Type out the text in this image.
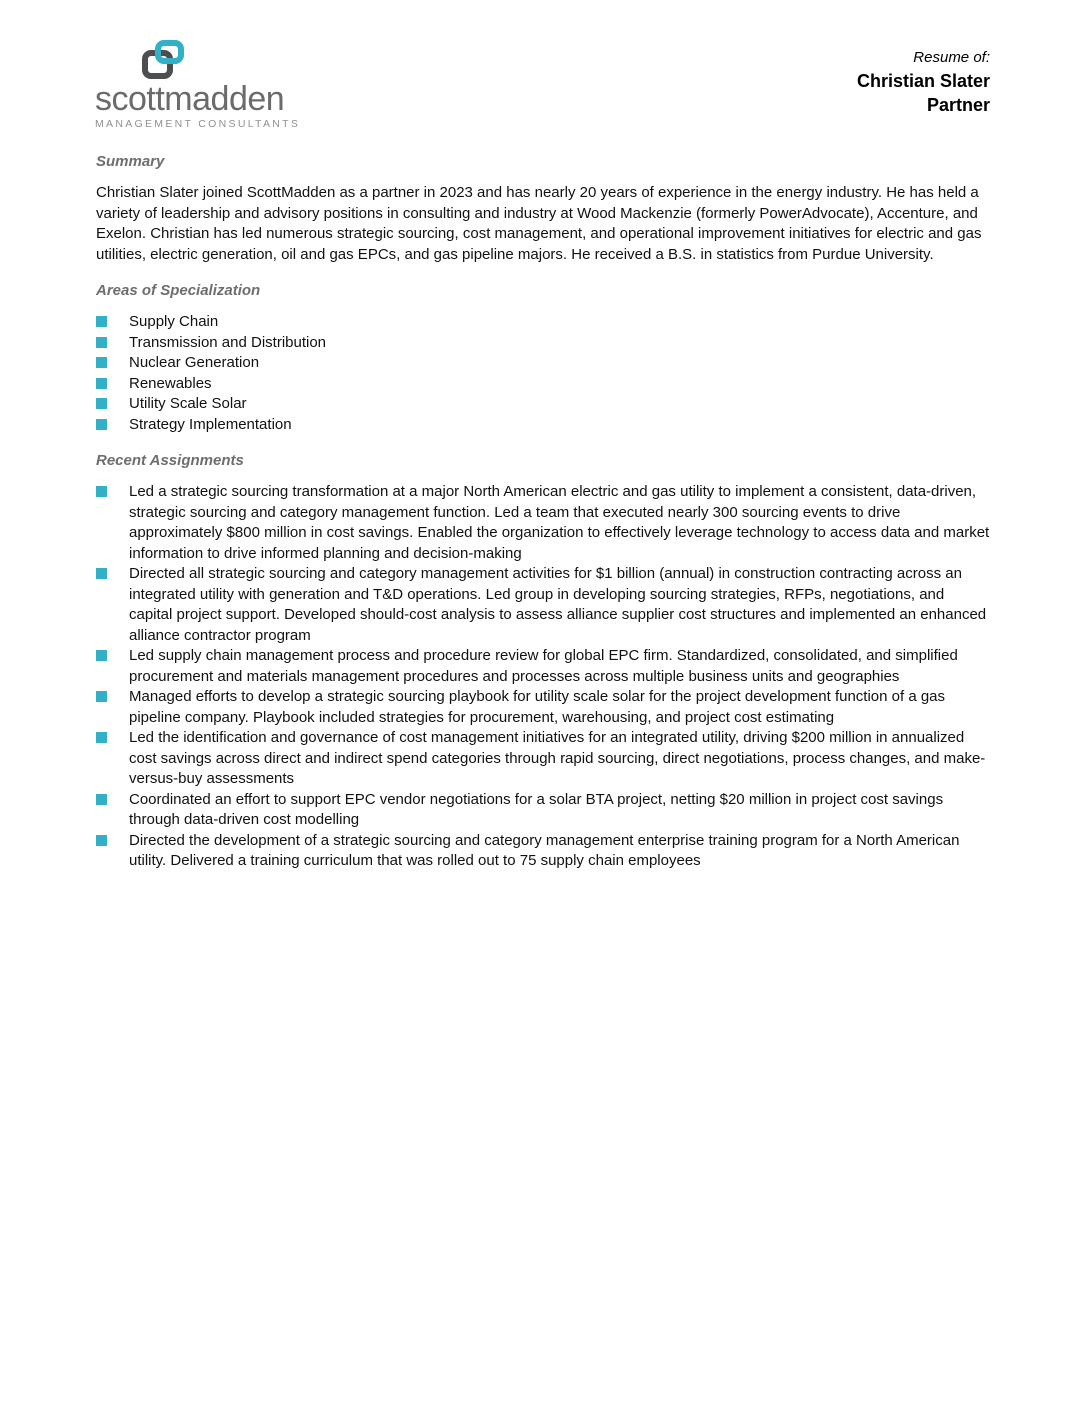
scottmadden
MANAGEMENT CONSULTANTS
Resume of:
Christian Slater
Partner
Summary
Christian Slater joined ScottMadden as a partner in 2023 and has nearly 20 years of experience in the energy industry. He has held a variety of leadership and advisory positions in consulting and industry at Wood Mackenzie (formerly PowerAdvocate), Accenture, and Exelon. Christian has led numerous strategic sourcing, cost management, and operational improvement initiatives for electric and gas utilities, electric generation, oil and gas EPCs, and gas pipeline majors. He received a B.S. in statistics from Purdue University.
Areas of Specialization
Supply Chain
Transmission and Distribution
Nuclear Generation
Renewables
Utility Scale Solar
Strategy Implementation
Recent Assignments
Led a strategic sourcing transformation at a major North American electric and gas utility to implement a consistent, data-driven, strategic sourcing and category management function. Led a team that executed nearly 300 sourcing events to drive approximately $800 million in cost savings. Enabled the organization to effectively leverage technology to access data and market information to drive informed planning and decision-making
Directed all strategic sourcing and category management activities for $1 billion (annual) in construction contracting across an integrated utility with generation and T&D operations. Led group in developing sourcing strategies, RFPs, negotiations, and capital project support. Developed should-cost analysis to assess alliance supplier cost structures and implemented an enhanced alliance contractor program
Led supply chain management process and procedure review for global EPC firm. Standardized, consolidated, and simplified procurement and materials management procedures and processes across multiple business units and geographies
Managed efforts to develop a strategic sourcing playbook for utility scale solar for the project development function of a gas pipeline company. Playbook included strategies for procurement, warehousing, and project cost estimating
Led the identification and governance of cost management initiatives for an integrated utility, driving $200 million in annualized cost savings across direct and indirect spend categories through rapid sourcing, direct negotiations, process changes, and make-versus-buy assessments
Coordinated an effort to support EPC vendor negotiations for a solar BTA project, netting $20 million in project cost savings through data-driven cost modelling
Directed the development of a strategic sourcing and category management enterprise training program for a North American utility. Delivered a training curriculum that was rolled out to 75 supply chain employees
